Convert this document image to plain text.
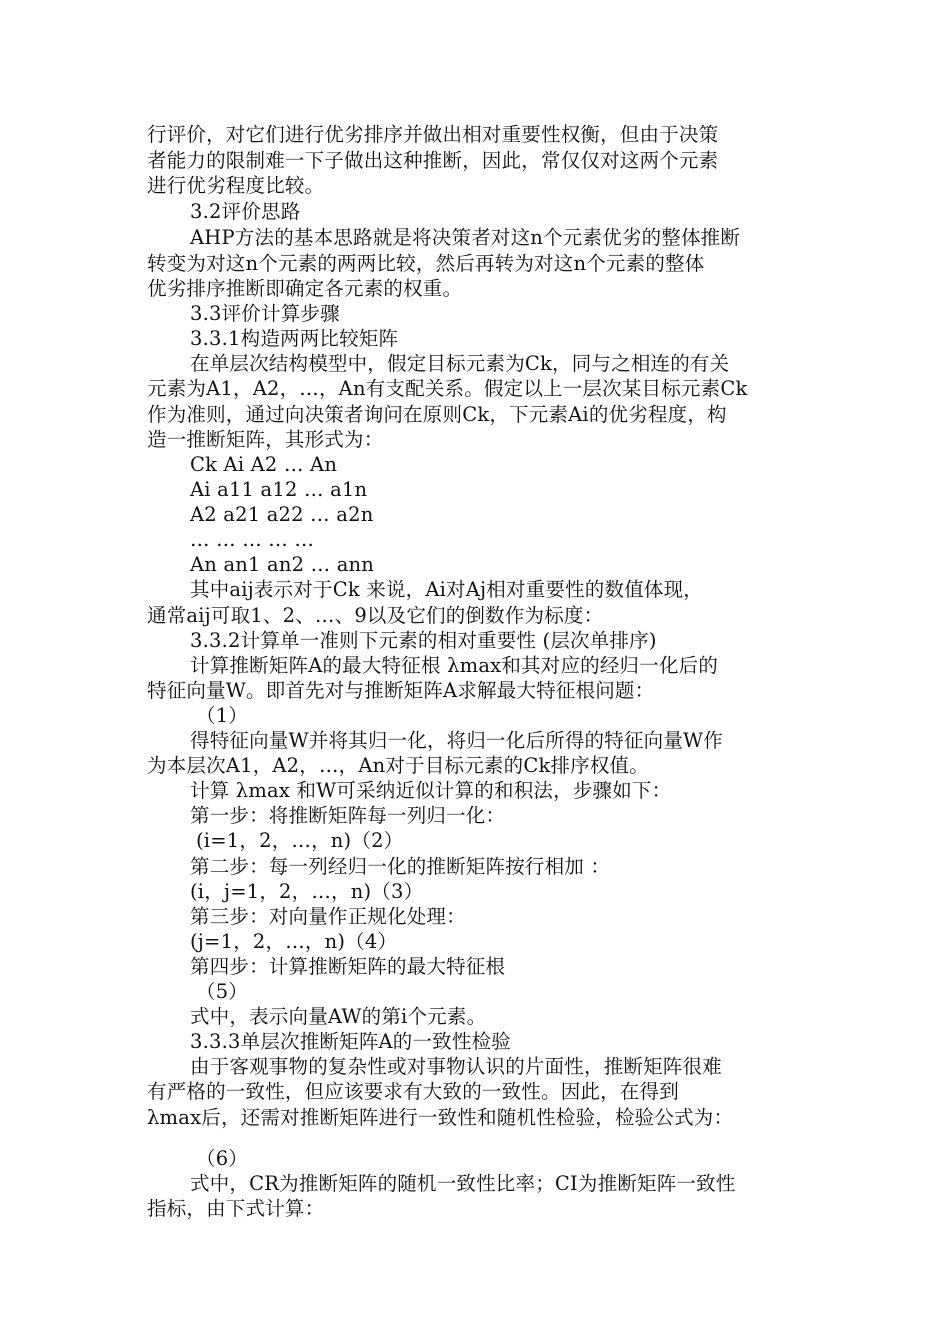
行评价，对它们进行优劣排序并做出相对重要性权衡，但由于决策
者能力的限制难一下子做出这种推断，因此，常仅仅对这两个元素
进行优劣程度比较。
3.2评价思路
AHP方法的基本思路就是将决策者对这n个元素优劣的整体推断
转变为对这n个元素的两两比较，然后再转为对这n个元素的整体
优劣排序推断即确定各元素的权重。
3.3评价计算步骤
3.3.1构造两两比较矩阵
在单层次结构模型中，假定目标元素为Ck，同与之相连的有关
元素为A1，A2，…，An有支配关系。假定以上一层次某目标元素Ck
作为准则，通过向决策者询问在原则Ck，下元素Ai的优劣程度，构
造一推断矩阵，其形式为：
Ck Ai A2 … An
Ai a11 a12 … a1n
A2 a21 a22 … a2n
… … … … …
An an1 an2 … ann
其中aij表示对于Ck 来说，Ai对Aj相对重要性的数值体现，
通常aij可取1、2、…、9以及它们的倒数作为标度：
3.3.2计算单一准则下元素的相对重要性 (层次单排序)
计算推断矩阵A的最大特征根 λmax和其对应的经归一化后的
特征向量W。即首先对与推断矩阵A求解最大特征根问题：
（1）
得特征向量W并将其归一化，将归一化后所得的特征向量W作
为本层次A1，A2，…，An对于目标元素的Ck排序权值。
计算 λmax 和W可采纳近似计算的和积法，步骤如下：
第一步：将推断矩阵每一列归一化：
(i=1，2，…，n)（2）
第二步：每一列经归一化的推断矩阵按行相加 ：
(i，j=1，2，…，n)（3）
第三步：对向量作正规化处理：
(j=1，2，…，n)（4）
第四步：计算推断矩阵的最大特征根
（5）
式中，表示向量AW的第i个元素。
3.3.3单层次推断矩阵A的一致性检验
由于客观事物的复杂性或对事物认识的片面性，推断矩阵很难
有严格的一致性，但应该要求有大致的一致性。因此，在得到
λmax后，还需对推断矩阵进行一致性和随机性检验，检验公式为：
（6）
式中，CR为推断矩阵的随机一致性比率；CI为推断矩阵一致性
指标，由下式计算：
